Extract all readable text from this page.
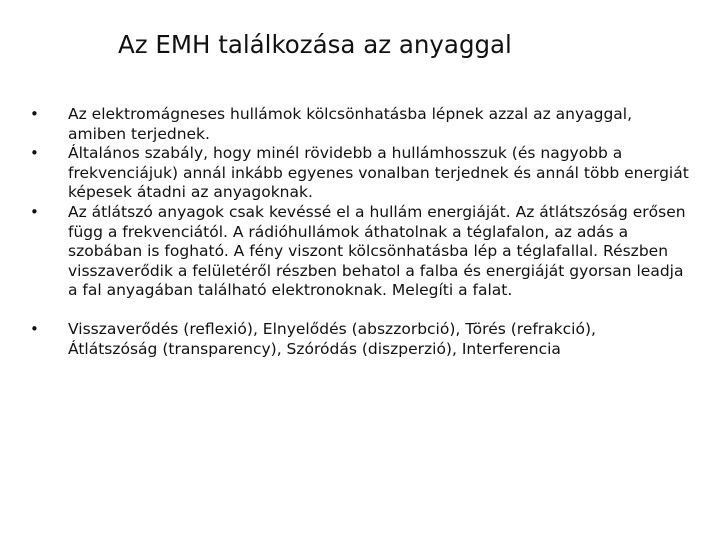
Az EMH találkozása az anyaggal
•	Az elektromágneses hullámok kölcsönhatásba lépnek azzal az anyaggal, amiben terjednek.
•	Általános szabály, hogy minél rövidebb a hullámhosszuk (és nagyobb a frekvenciájuk) annál inkább egyenes vonalban terjednek és annál több energiát képesek átadni az anyagoknak.
•	Az átlátszó anyagok csak kevéssé el a hullám energiáját. Az átlátszóság erősen függ a frekvenciától. A rádióhullámok áthatolnak a téglafalon, az adás a szobában is fogható. A fény viszont kölcsönhatásba lép a téglafallal. Részben visszaverődik a felületéről részben behatol a falba és energiáját gyorsan leadja a fal anyagában található elektronoknak. Melegíti a falat.
•	Visszaverődés (reflexió), Elnyelődés (abszzorbció), Törés (refrakció), Átlátszóság (transparency), Szóródás (diszperzió), Interferencia
